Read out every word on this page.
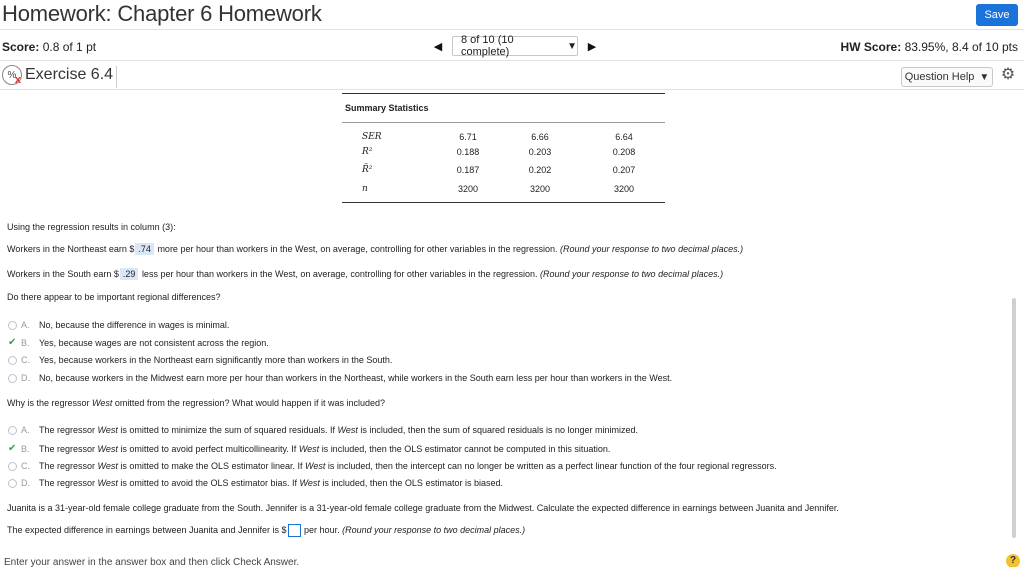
Homework: Chapter 6 Homework	Save
Score: 0.8 of 1 pt	◀
8 of 10 (10 complete)	▼ ▶	HW Score: 83.95%, 8.4 of 10 pts
%
x Exercise 6.4	Question Help ▼ ⚙
Summary Statistics
SER	6.71	6.66	6.64
R²	0.188	0.203	0.208
R̄²	0.187	0.202	0.207
n	3200	3200	3200
Using the regression results in column (3):
Workers in the Northeast earn $ .74 more per hour than workers in the West, on average, controlling for other variables in the regression. (Round your response to two decimal places.)
Workers in the South earn $ .29 less per hour than workers in the West, on average, controlling for other variables in the regression. (Round your response to two decimal places.)
Do there appear to be important regional differences?
A.	No, because the difference in wages is minimal.
✔ B.	Yes, because wages are not consistent across the region.
C.	Yes, because workers in the Northeast earn significantly more than workers in the South.
D.	No, because workers in the Midwest earn more per hour than workers in the Northeast, while workers in the South earn less per hour than workers in the West.
Why is the regressor West omitted from the regression? What would happen if it was included?
A.	The regressor West is omitted to minimize the sum of squared residuals. If West is included, then the sum of squared residuals is no longer minimized.
✔ B.	The regressor West is omitted to avoid perfect multicollinearity. If West is included, then the OLS estimator cannot be computed in this situation.
C.	The regressor West is omitted to make the OLS estimator linear. If West is included, then the intercept can no longer be written as a perfect linear function of the four regional regressors.
D.	The regressor West is omitted to avoid the OLS estimator bias. If West is included, then the OLS estimator is biased.
Juanita is a 31-year-old female college graduate from the South. Jennifer is a 31-year-old female college graduate from the Midwest. Calculate the expected difference in earnings between Juanita and Jennifer.
The expected difference in earnings between Juanita and Jennifer is $ per hour. (Round your response to two decimal places.)
Enter your answer in the answer box and then click Check Answer.	?
